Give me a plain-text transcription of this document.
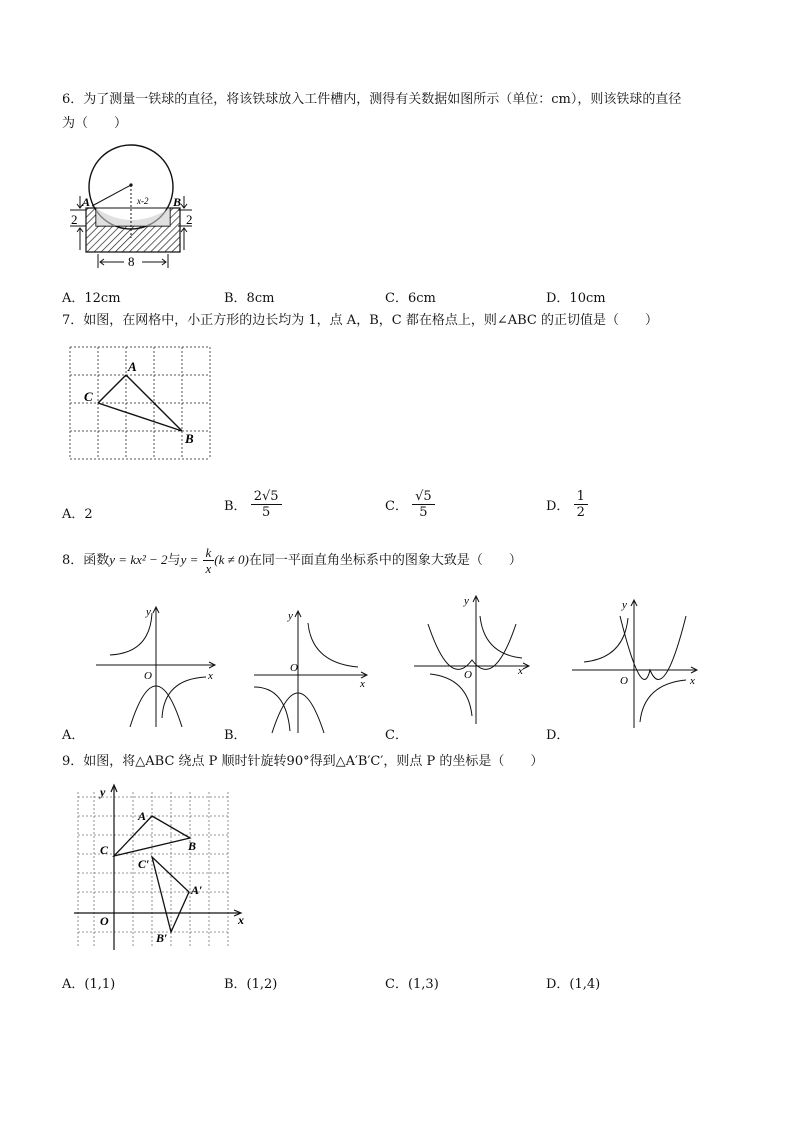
6．为了测量一铁球的直径，将该铁球放入工件槽内，测得有关数据如图所示（单位：cm），则该铁球的直径
为（　　）
A	B
x-2
2	2
8
A．12cm	B．8cm	C．6cm	D．10cm
7．如图，在网格中，小正方形的边长均为 1，点 A，B，C 都在格点上，则∠ABC 的正切值是（　　）
A
B
C
A．2
B． $\frac{2√5}{5}$	C． $\frac{√5}{5}$	D． $\frac{1}{2}$
8．函数y = kx² − 2与$y = \frac{k}{x} (k \ne 0)$在同一平面直角坐标系中的图象大致是（　　）
x
y
O
x
y
O	x
y
O	x
y
O
A．	B．	C．	D．
9．如图，将△ABC 绕点 P 顺时针旋转90°得到△A′B′C′，则点 P 的坐标是（　　）
A
B
C
C′
A′
B′
x
y
O
A．(1,1)	B．(1,2)	C．(1,3)	D．(1,4)
